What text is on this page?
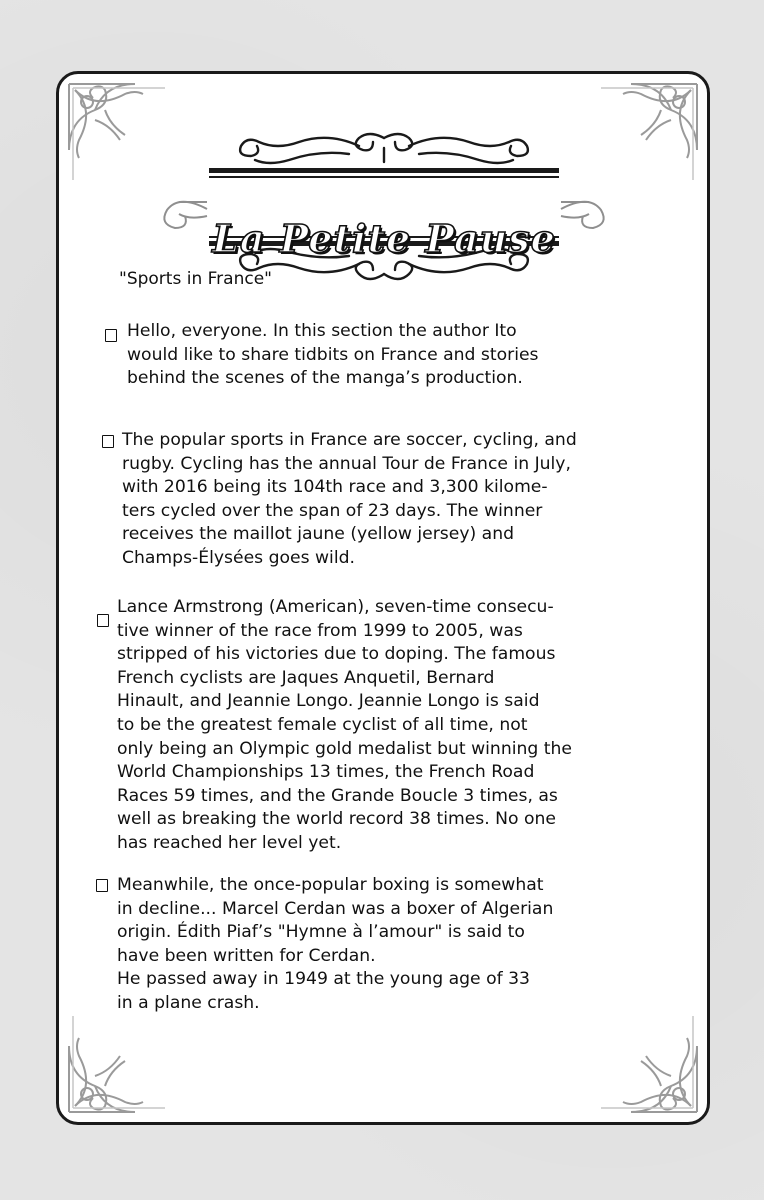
La Petite Pause
"Sports in France"

Hello, everyone. In this section the author Ito
would like to share tidbits on France and stories
behind the scenes of the manga’s production.

The popular sports in France are soccer, cycling, and
rugby. Cycling has the annual Tour de France in July,
with 2016 being its 104th race and 3,300 kilome-
ters cycled over the span of 23 days. The winner
receives the maillot jaune (yellow jersey) and
Champs-Élysées goes wild.

Lance Armstrong (American), seven-time consecu-
tive winner of the race from 1999 to 2005, was
stripped of his victories due to doping. The famous
French cyclists are Jaques Anquetil, Bernard
Hinault, and Jeannie Longo. Jeannie Longo is said
to be the greatest female cyclist of all time, not
only being an Olympic gold medalist but winning the
World Championships 13 times, the French Road
Races 59 times, and the Grande Boucle 3 times, as
well as breaking the world record 38 times. No one
has reached her level yet.

Meanwhile, the once-popular boxing is somewhat
in decline... Marcel Cerdan was a boxer of Algerian
origin. Édith Piaf’s "Hymne à l’amour" is said to
have been written for Cerdan.
He passed away in 1949 at the young age of 33
in a plane crash.
